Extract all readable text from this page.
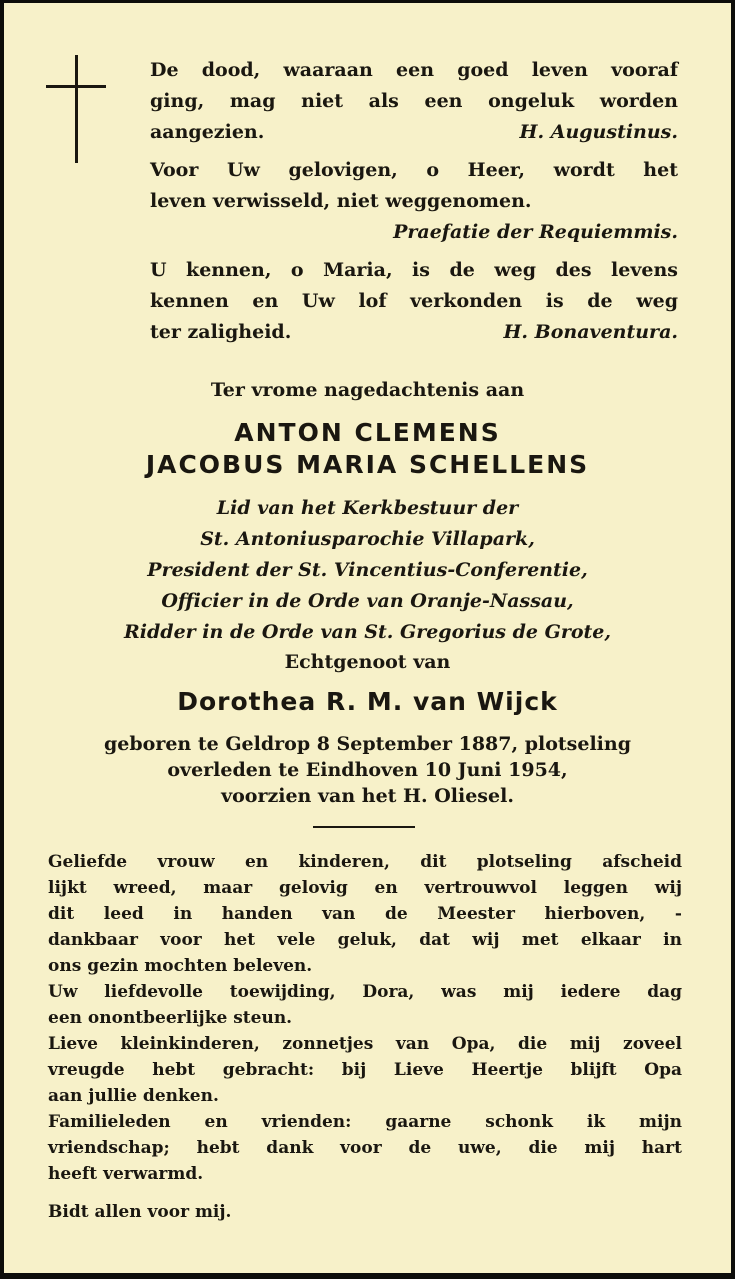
De dood, waaraan een goed leven vooraf
ging, mag niet als een ongeluk worden
aangezien.	H. Augustinus.
Voor Uw gelovigen, o Heer, wordt het
leven verwisseld, niet weggenomen.
Praefatie der Requiemmis.
U kennen, o Maria, is de weg des levens
kennen en Uw lof verkonden is de weg
ter zaligheid.	H. Bonaventura.
Ter vrome nagedachtenis aan
ANTON CLEMENS
JACOBUS MARIA SCHELLENS
Lid van het Kerkbestuur der
St. Antoniusparochie Villapark,
President der St. Vincentius-Conferentie,
Officier in de Orde van Oranje-Nassau,
Ridder in de Orde van St. Gregorius de Grote,
Echtgenoot van
Dorothea R. M. van Wijck
geboren te Geldrop 8 September 1887, plotseling
overleden te Eindhoven 10 Juni 1954,
voorzien van het H. Oliesel.
Geliefde vrouw en kinderen, dit plotseling afscheid
lijkt wreed, maar gelovig en vertrouwvol leggen wij
dit leed in handen van de Meester hierboven, -
dankbaar voor het vele geluk, dat wij met elkaar in
ons gezin mochten beleven.
Uw liefdevolle toewijding, Dora, was mij iedere dag
een onontbeerlijke steun.
Lieve kleinkinderen, zonnetjes van Opa, die mij zoveel
vreugde hebt gebracht: bij Lieve Heertje blijft Opa
aan jullie denken.
Familieleden en vrienden: gaarne schonk ik mijn
vriendschap; hebt dank voor de uwe, die mij hart
heeft verwarmd.
Bidt allen voor mij.
